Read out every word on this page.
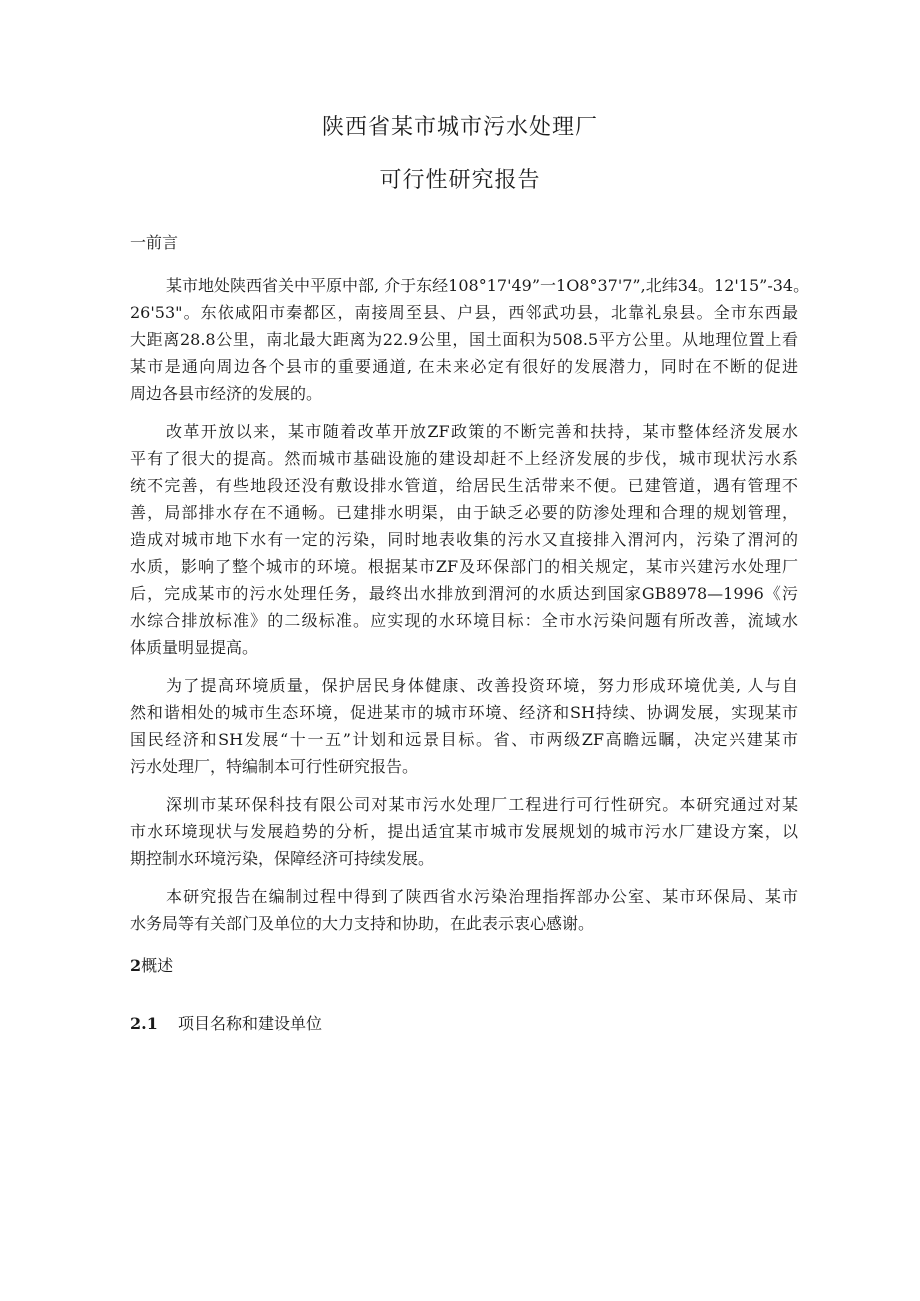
陕西省某市城市污水处理厂
可行性研究报告
一前言
某市地处陕西省关中平原中部, 介于东经108°17'49”一1O8°37'7”,北纬34。12'15”-34。
26'53"。东依咸阳市秦都区，南接周至县、户县，西邻武功县，北靠礼泉县。全市东西最
大距离28.8公里，南北最大距离为22.9公里，国土面积为508.5平方公里。从地理位置上看
某市是通向周边各个县市的重要通道, 在未来必定有很好的发展潜力，同时在不断的促进
周边各县市经济的发展的。
改革开放以来，某市随着改革开放ZF政策的不断完善和扶持，某市整体经济发展水
平有了很大的提高。然而城市基础设施的建设却赶不上经济发展的步伐，城市现状污水系
统不完善，有些地段还没有敷设排水管道，给居民生活带来不便。已建管道，遇有管理不
善，局部排水存在不通畅。已建排水明渠，由于缺乏必要的防渗处理和合理的规划管理，
造成对城市地下水有一定的污染，同时地表收集的污水又直接排入渭河内，污染了渭河的
水质，影响了整个城市的环境。根据某市ZF及环保部门的相关规定，某市兴建污水处理厂
后，完成某市的污水处理任务，最终出水排放到渭河的水质达到国家GB8978—1996《污
水综合排放标准》的二级标准。应实现的水环境目标：全市水污染问题有所改善，流域水
体质量明显提高。
为了提高环境质量，保护居民身体健康、改善投资环境，努力形成环境优美, 人与自
然和谐相处的城市生态环境，促进某市的城市环境、经济和SH持续、协调发展，实现某市
国民经济和SH发展“十一五”计划和远景目标。省、市两级ZF高瞻远瞩，决定兴建某市
污水处理厂，特编制本可行性研究报告。
深圳市某环保科技有限公司对某市污水处理厂工程进行可行性研究。本研究通过对某
市水环境现状与发展趋势的分析，提出适宜某市城市发展规划的城市污水厂建设方案，以
期控制水环境污染，保障经济可持续发展。
本研究报告在编制过程中得到了陕西省水污染治理指挥部办公室、某市环保局、某市
水务局等有关部门及单位的大力支持和协助，在此表示衷心感谢。
2概述
2.1 项目名称和建设单位
